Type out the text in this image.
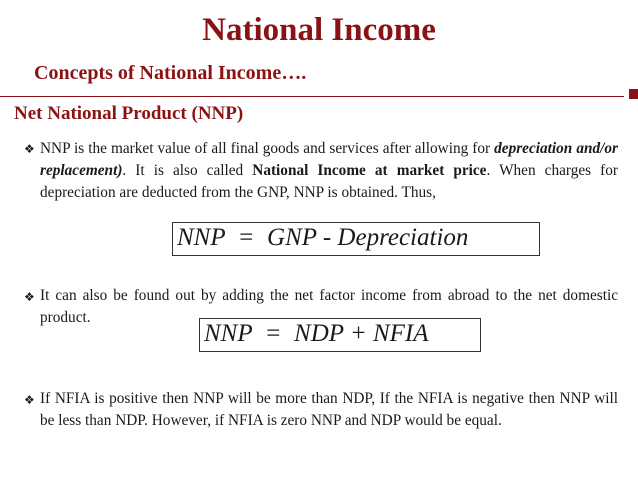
National Income
Concepts of National Income….
Net National Product (NNP)
❖ NNP is the market value of all final goods and services after allowing for depreciation and/or replacement). It is also called National Income at market price. When charges for depreciation are deducted from the GNP, NNP is obtained. Thus,
NNP  =  GNP - Depreciation
❖ It can also be found out by adding the net factor income from abroad to the net domestic product.
NNP  =  NDP + NFIA
❖ If NFIA is positive then NNP will be more than NDP, If the NFIA is negative then NNP will be less than NDP. However, if NFIA is zero NNP and NDP would be equal.
